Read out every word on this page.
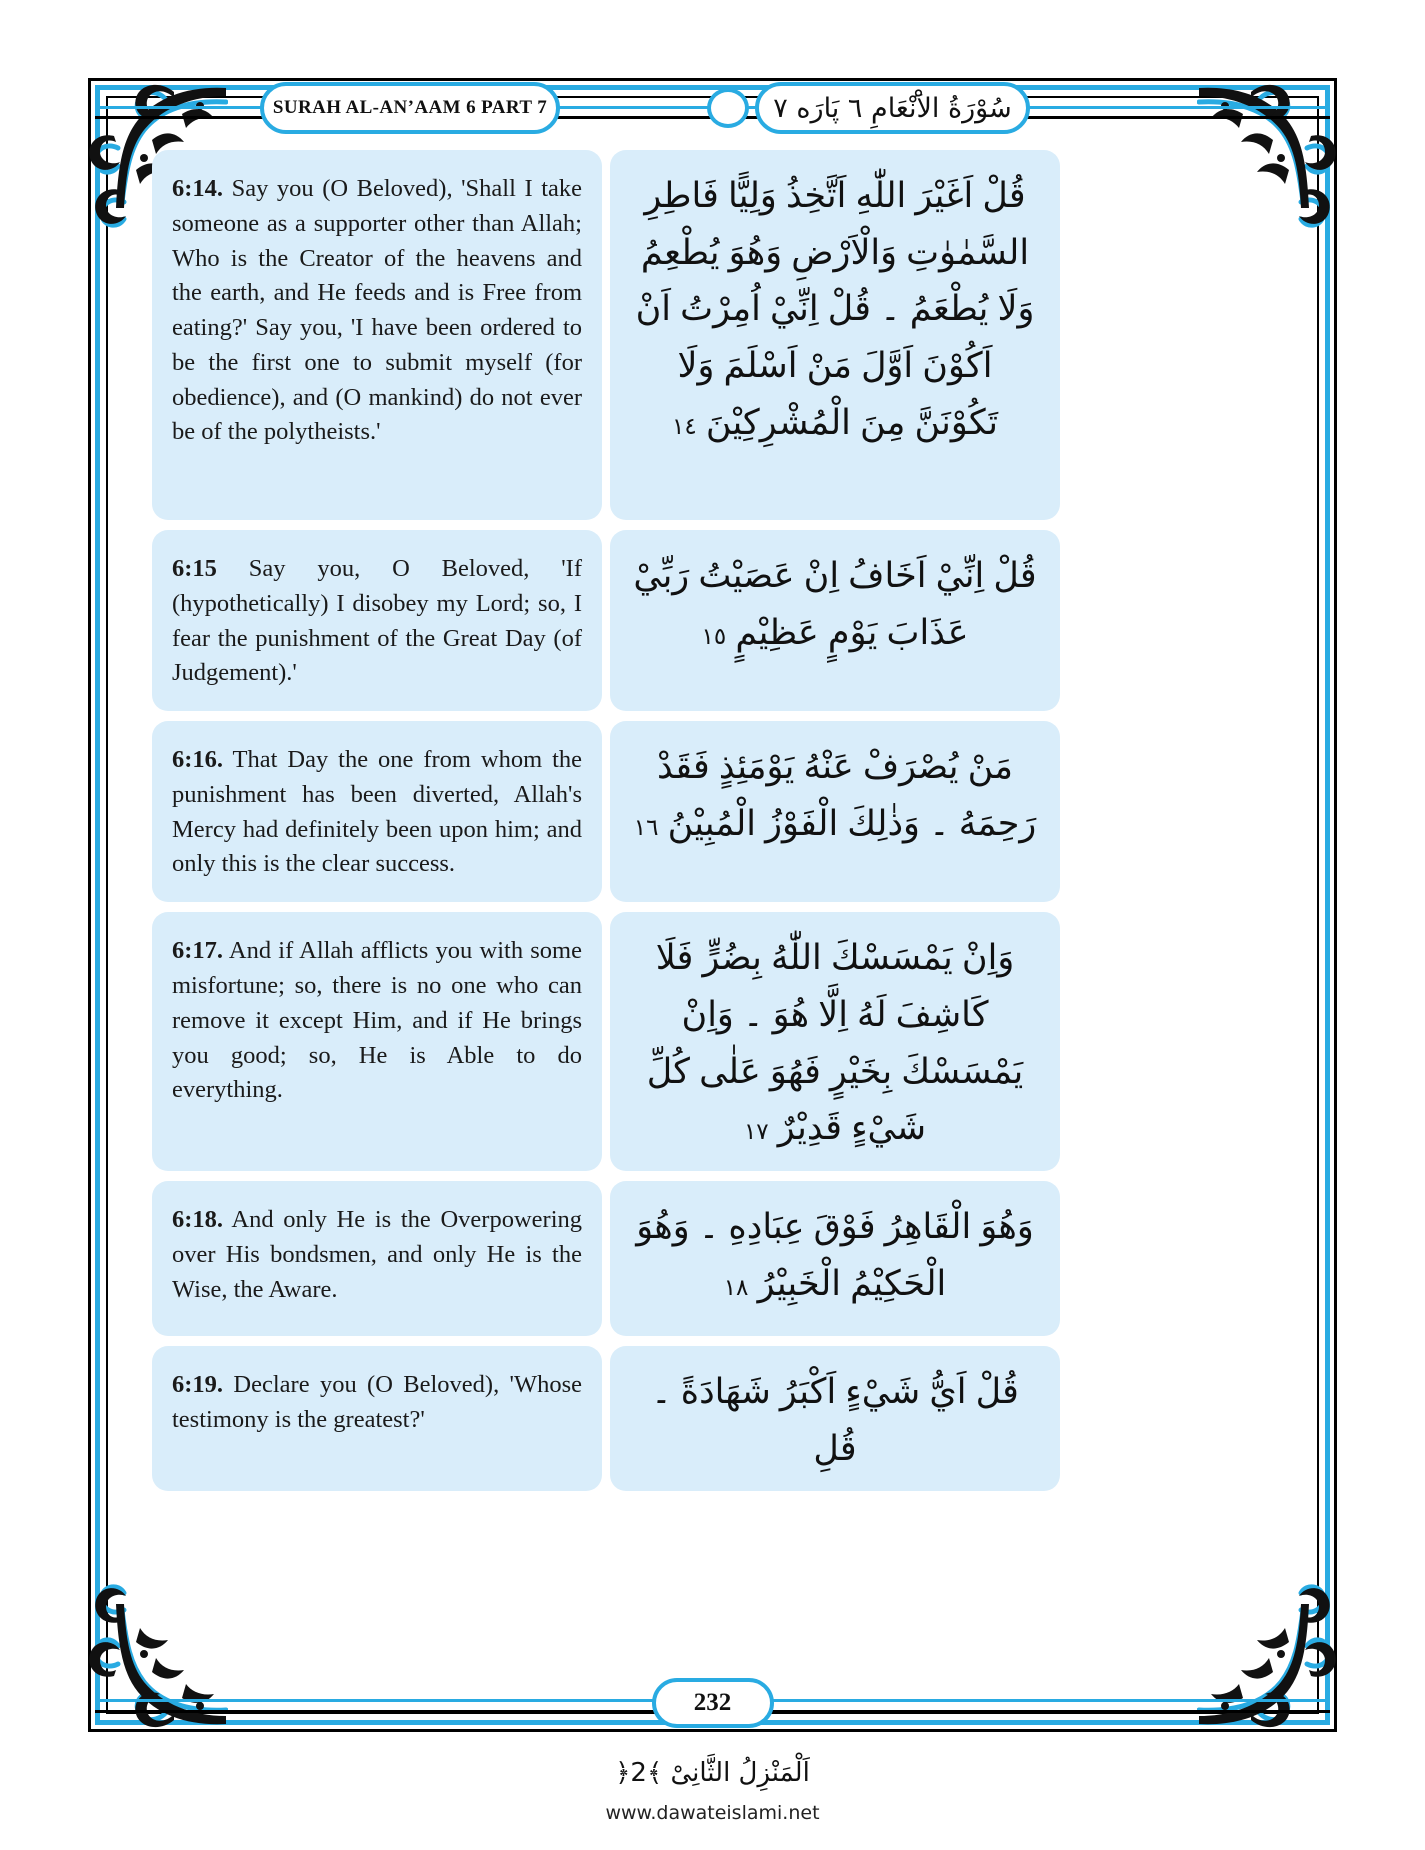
SURAH AL-AN’AAM 6 PART 7	سُوْرَةُ الاَْنْعَامِ ٦ پَارَه ٧
6:14. Say you (O Beloved), 'Shall I take someone as a supporter other than Allah; Who is the Creator of the heavens and the earth, and He feeds and is Free from eating?' Say you, 'I have been ordered to be the first one to submit myself (for obedience), and (O mankind) do not ever be of the polytheists.'
قُلْ اَغَيْرَ اللّٰهِ اَتَّخِذُ وَلِيًّا فَاطِرِ السَّمٰوٰتِ وَالْاَرْضِ وَهُوَ يُطْعِمُ وَلَا يُطْعَمُ ۔ قُلْ اِنِّيْ اُمِرْتُ اَنْ اَكُوْنَ اَوَّلَ مَنْ اَسْلَمَ وَلَا تَكُوْنَنَّ مِنَ الْمُشْرِكِيْنَ ١٤
6:15 Say you, O Beloved, 'If (hypothetically) I disobey my Lord; so, I fear the punishment of the Great Day (of Judgement).'
قُلْ اِنِّيْ اَخَافُ اِنْ عَصَيْتُ رَبِّيْ عَذَابَ يَوْمٍ عَظِيْمٍ ١٥
6:16. That Day the one from whom the punishment has been diverted, Allah's Mercy had definitely been upon him; and only this is the clear success.
مَنْ يُصْرَفْ عَنْهُ يَوْمَئِذٍ فَقَدْ رَحِمَهُ ۔ وَذٰلِكَ الْفَوْزُ الْمُبِيْنُ ١٦
6:17. And if Allah afflicts you with some misfortune; so, there is no one who can remove it except Him, and if He brings you good; so, He is Able to do everything.
وَاِنْ يَمْسَسْكَ اللّٰهُ بِضُرٍّ فَلَا كَاشِفَ لَهُ اِلَّا هُوَ ۔ وَاِنْ يَمْسَسْكَ بِخَيْرٍ فَهُوَ عَلٰى كُلِّ شَيْءٍ قَدِيْرٌ ١٧
6:18. And only He is the Overpowering over His bondsmen, and only He is the Wise, the Aware.
وَهُوَ الْقَاهِرُ فَوْقَ عِبَادِهِ ۔ وَهُوَ الْحَكِيْمُ الْخَبِيْرُ ١٨
6:19. Declare you (O Beloved), 'Whose testimony is the greatest?'
قُلْ اَيُّ شَيْءٍ اَكْبَرُ شَهَادَةً ۔ قُلِ
232
اَلْمَنْزِلُ الثَّانِیْ ﴾2﴿
www.dawateislami.net
